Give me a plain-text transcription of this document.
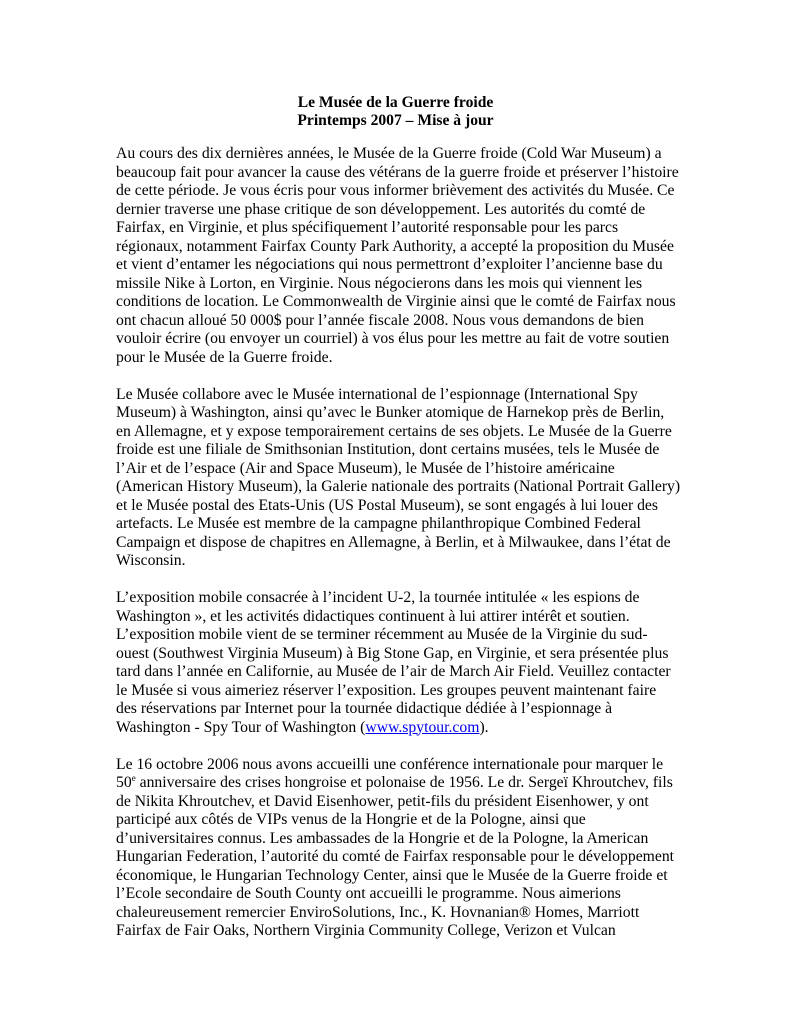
Le Musée de la Guerre froide
Printemps 2007 – Mise à jour
Au cours des dix dernières années, le Musée de la Guerre froide (Cold War Museum) a
beaucoup fait pour avancer la cause des vétérans de la guerre froide et préserver l’histoire
de cette période. Je vous écris pour vous informer brièvement des activités du Musée. Ce
dernier traverse une phase critique de son développement. Les autorités du comté de
Fairfax, en Virginie, et plus spécifiquement l’autorité responsable pour les parcs
régionaux, notamment Fairfax County Park Authority, a accepté la proposition du Musée
et vient d’entamer les négociations qui nous permettront d’exploiter l’ancienne base du
missile Nike à Lorton, en Virginie. Nous négocierons dans les mois qui viennent les
conditions de location. Le Commonwealth de Virginie ainsi que le comté de Fairfax nous
ont chacun alloué 50 000$ pour l’année fiscale 2008. Nous vous demandons de bien
vouloir écrire (ou envoyer un courriel) à vos élus pour les mettre au fait de votre soutien
pour le Musée de la Guerre froide.
Le Musée collabore avec le Musée international de l’espionnage (International Spy
Museum) à Washington, ainsi qu’avec le Bunker atomique de Harnekop près de Berlin,
en Allemagne, et y expose temporairement certains de ses objets. Le Musée de la Guerre
froide est une filiale de Smithsonian Institution, dont certains musées, tels le Musée de
l’Air et de l’espace (Air and Space Museum), le Musée de l’histoire américaine
(American History Museum), la Galerie nationale des portraits (National Portrait Gallery)
et le Musée postal des Etats-Unis (US Postal Museum), se sont engagés à lui louer des
artefacts. Le Musée est membre de la campagne philanthropique Combined Federal
Campaign et dispose de chapitres en Allemagne, à Berlin, et à Milwaukee, dans l’état de
Wisconsin.
L’exposition mobile consacrée à l’incident U-2, la tournée intitulée « les espions de
Washington », et les activités didactiques continuent à lui attirer intérêt et soutien.
L’exposition mobile vient de se terminer récemment au Musée de la Virginie du sud-
ouest (Southwest Virginia Museum) à Big Stone Gap, en Virginie, et sera présentée plus
tard dans l’année en Californie, au Musée de l’air de March Air Field. Veuillez contacter
le Musée si vous aimeriez réserver l’exposition. Les groupes peuvent maintenant faire
des réservations par Internet pour la tournée didactique dédiée à l’espionnage à
Washington - Spy Tour of Washington (www.spytour.com).
Le 16 octobre 2006 nous avons accueilli une conférence internationale pour marquer le
50e anniversaire des crises hongroise et polonaise de 1956. Le dr. Sergeï Khroutchev, fils
de Nikita Khroutchev, et David Eisenhower, petit-fils du président Eisenhower, y ont
participé aux côtés de VIPs venus de la Hongrie et de la Pologne, ainsi que
d’universitaires connus. Les ambassades de la Hongrie et de la Pologne, la American
Hungarian Federation, l’autorité du comté de Fairfax responsable pour le développement
économique, le Hungarian Technology Center, ainsi que le Musée de la Guerre froide et
l’Ecole secondaire de South County ont accueilli le programme. Nous aimerions
chaleureusement remercier EnviroSolutions, Inc., K. Hovnanian® Homes, Marriott
Fairfax de Fair Oaks, Northern Virginia Community College, Verizon et Vulcan
